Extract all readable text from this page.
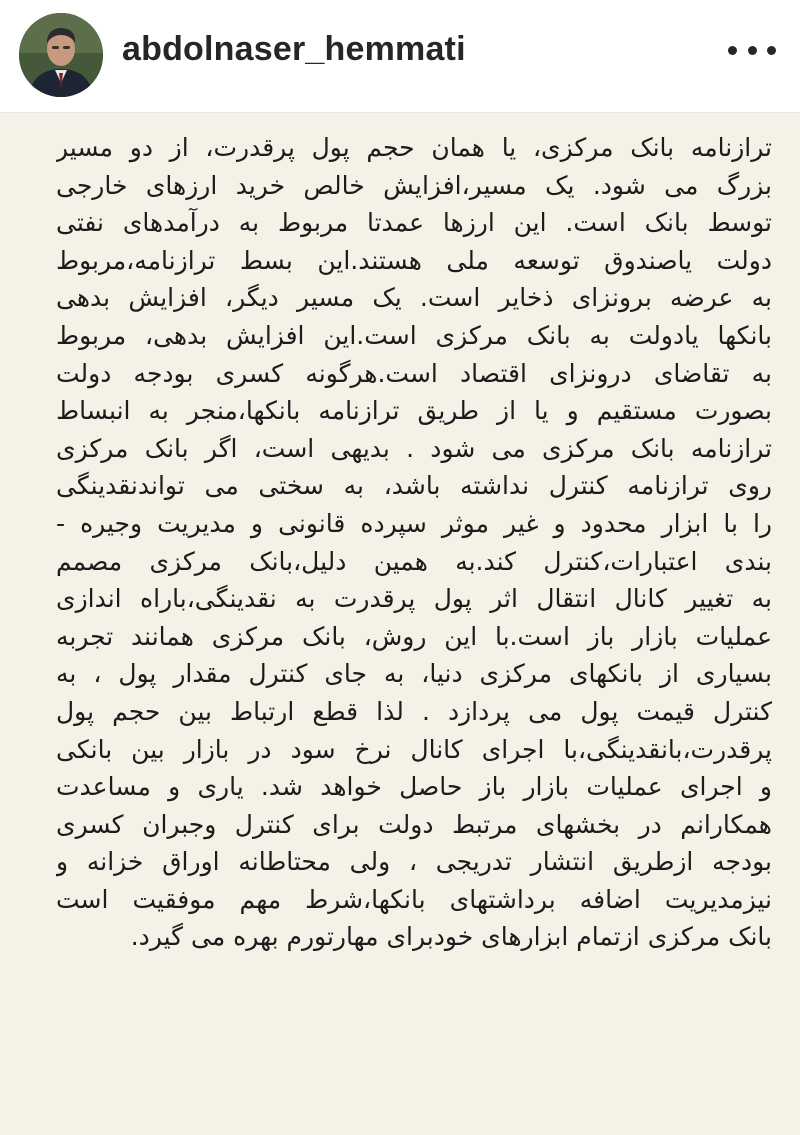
abdolnaser_hemmati
ترازنامه بانک مرکزی، یا همان حجم پول پرقدرت، از دو مسیر
بزرگ می شود. یک مسیر،افزایش خالص خرید ارزهای خارجی
توسط بانک است. این ارزها عمدتا مربوط به درآمدهای نفتی
دولت یاصندوق توسعه ملی هستند.این بسط ترازنامه،مربوط
به عرضه برونزای ذخایر است. یک مسیر دیگر، افزایش بدهی
بانکها یادولت به بانک مرکزی است.این افزایش بدهی، مربوط
به تقاضای درونزای اقتصاد است.هرگونه کسری بودجه دولت
بصورت مستقیم و یا از طریق ترازنامه بانکها،منجر به انبساط
ترازنامه بانک مرکزی می شود . بدیهی است، اگر بانک مرکزی
روی ترازنامه کنترل نداشته باشد، به سختی می تواندنقدینگی
را با ابزار محدود و غیر موثر سپرده قانونی و مدیریت وجیره -
بندی اعتبارات،کنترل کند.به همین دلیل،بانک مرکزی مصمم
به تغییر کانال انتقال اثر پول پرقدرت به نقدینگی،باراه اندازی
عملیات بازار باز است.با این روش، بانک مرکزی همانند تجربه
بسیاری از بانکهای مرکزی دنیا، به جای کنترل مقدار پول ، به
کنترل قیمت پول می پردازد . لذا قطع ارتباط بین حجم پول
پرقدرت،بانقدینگی،با اجرای کانال نرخ سود در بازار بین بانکی
و اجرای عملیات بازار باز حاصل خواهد شد. یاری و مساعدت
همکارانم در بخشهای مرتبط دولت برای کنترل وجبران کسری
بودجه ازطریق انتشار تدریجی ، ولی محتاطانه اوراق خزانه و
نیزمدیریت اضافه برداشتهای بانکها،شرط مهم موفقیت است
بانک مرکزی ازتمام ابزارهای خودبرای مهارتورم بهره می گیرد.
